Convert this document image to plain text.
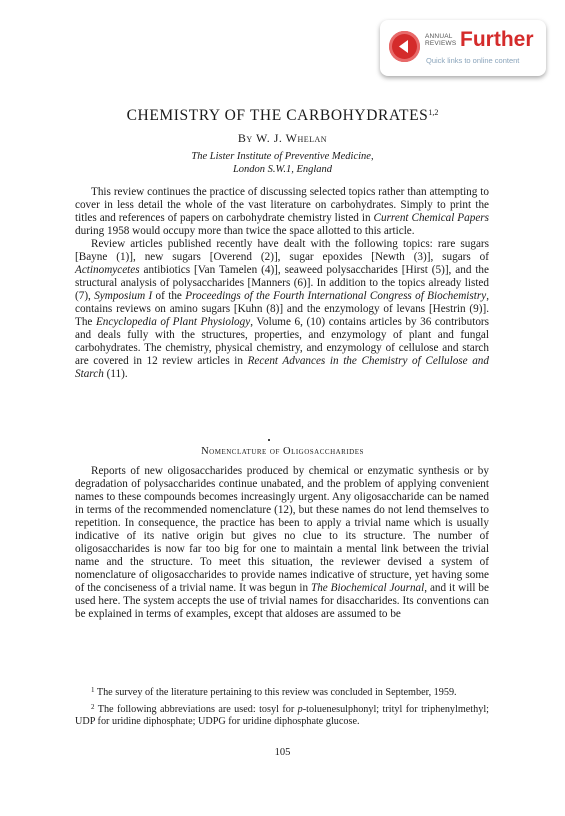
ANNUAL
REVIEWS Further
Quick links to online content
CHEMISTRY OF THE CARBOHYDRATES$^{1,2}$
By W. J. Whelan
The Lister Institute of Preventive Medicine,
London S.W.1, England

This review continues the practice of discussing selected topics rather than attempting to cover in less detail the whole of the vast literature on carbohydrates. Simply to print the titles and references of papers on carbohydrate chemistry listed in Current Chemical Papers during 1958 would occupy more than twice the space allotted to this article.

Review articles published recently have dealt with the following topics: rare sugars [Bayne (1)], new sugars [Overend (2)], sugar epoxides [Newth (3)], sugars of Actinomycetes antibiotics [Van Tamelen (4)], seaweed polysaccharides [Hirst (5)], and the structural analysis of polysaccharides [Manners (6)]. In addition to the topics already listed (7), Symposium I of the Proceedings of the Fourth International Congress of Biochemistry, contains reviews on amino sugars [Kuhn (8)] and the enzymology of levans [Hestrin (9)]. The Encyclopedia of Plant Physiology, Volume 6, (10) contains articles by 36 contributors and deals fully with the structures, properties, and enzymology of plant and fungal carbohydrates. The chemistry, physical chemistry, and enzymology of cellulose and starch are covered in 12 review articles in Recent Advances in the Chemistry of Cellulose and Starch (11).

Nomenclature of Oligosaccharides

Reports of new oligosaccharides produced by chemical or enzymatic synthesis or by degradation of polysaccharides continue unabated, and the problem of applying convenient names to these compounds becomes increasingly urgent. Any oligosaccharide can be named in terms of the recommended nomenclature (12), but these names do not lend themselves to repetition. In consequence, the practice has been to apply a trivial name which is usually indicative of its native origin but gives no clue to its structure. The number of oligosaccharides is now far too big for one to maintain a mental link between the trivial name and the structure. To meet this situation, the reviewer devised a system of nomenclature of oligosaccharides to provide names indicative of structure, yet having some of the conciseness of a trivial name. It was begun in The Biochemical Journal, and it will be used here. The system accepts the use of trivial names for disaccharides. Its conventions can be explained in terms of examples, except that aldoses are assumed to be

$^1$ The survey of the literature pertaining to this review was concluded in September, 1959.

$^2$ The following abbreviations are used: tosyl for p-toluenesulphonyl; trityl for triphenylmethyl; UDP for uridine diphosphate; UDPG for uridine diphosphate glucose.

105
